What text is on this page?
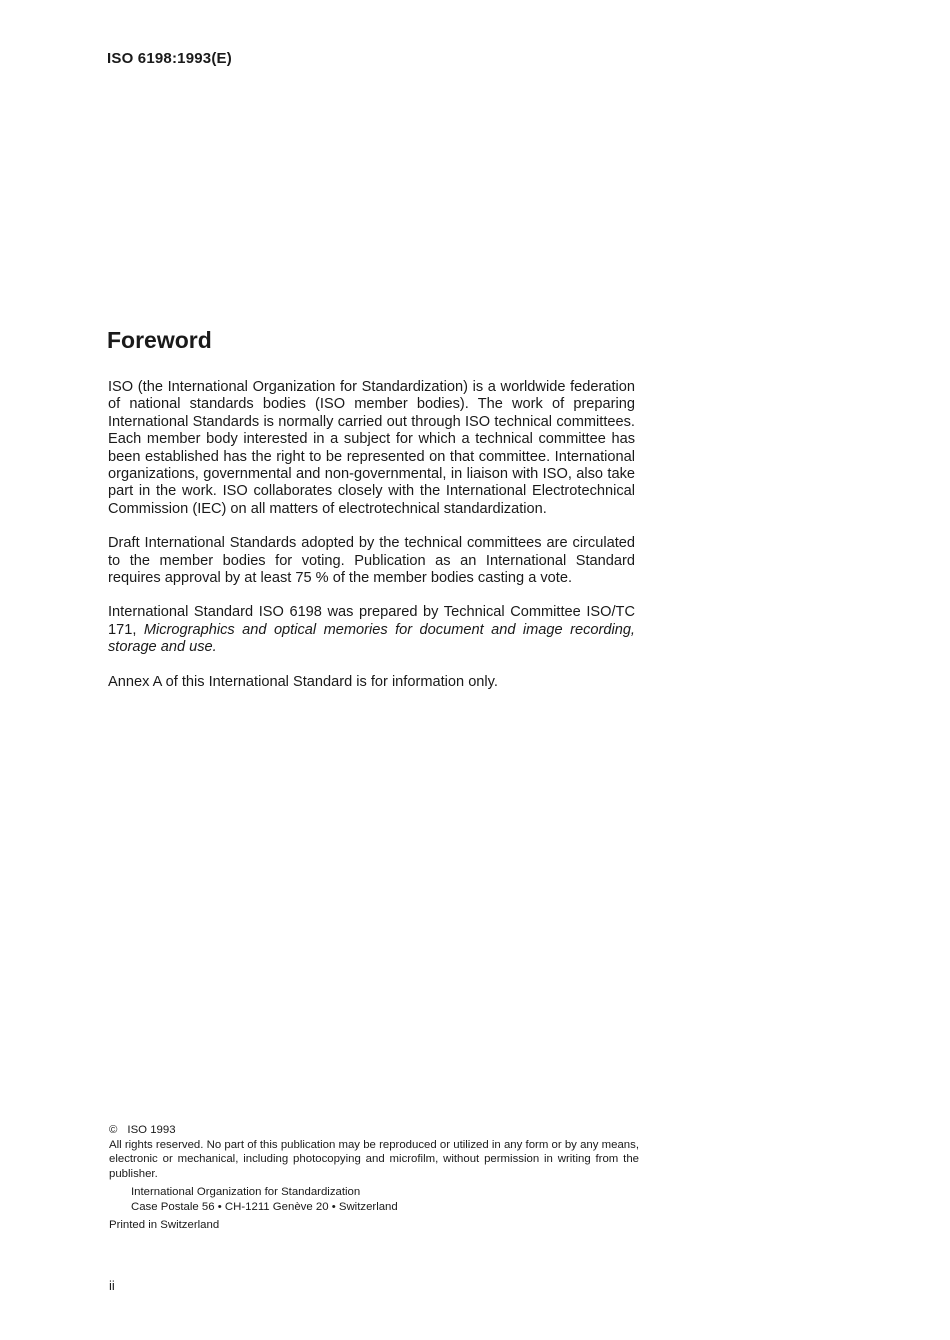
ISO 6198:1993(E)
Foreword

ISO (the International Organization for Standardization) is a worldwide federation of national standards bodies (ISO member bodies). The work of preparing International Standards is normally carried out through ISO technical committees. Each member body interested in a subject for which a technical committee has been established has the right to be represented on that committee. International organizations, governmental and non-governmental, in liaison with ISO, also take part in the work. ISO collaborates closely with the International Electrotechnical Commission (IEC) on all matters of electrotechnical standardization.

Draft International Standards adopted by the technical committees are circulated to the member bodies for voting. Publication as an International Standard requires approval by at least 75 % of the member bodies casting a vote.

International Standard ISO 6198 was prepared by Technical Committee ISO/TC 171, Micrographics and optical memories for document and image recording, storage and use.

Annex A of this International Standard is for information only.

© ISO 1993

All rights reserved. No part of this publication may be reproduced or utilized in any form or by any means, electronic or mechanical, including photocopying and microfilm, without permission in writing from the publisher.

International Organization for Standardization
Case Postale 56 • CH-1211 Genève 20 • Switzerland

Printed in Switzerland

ii
